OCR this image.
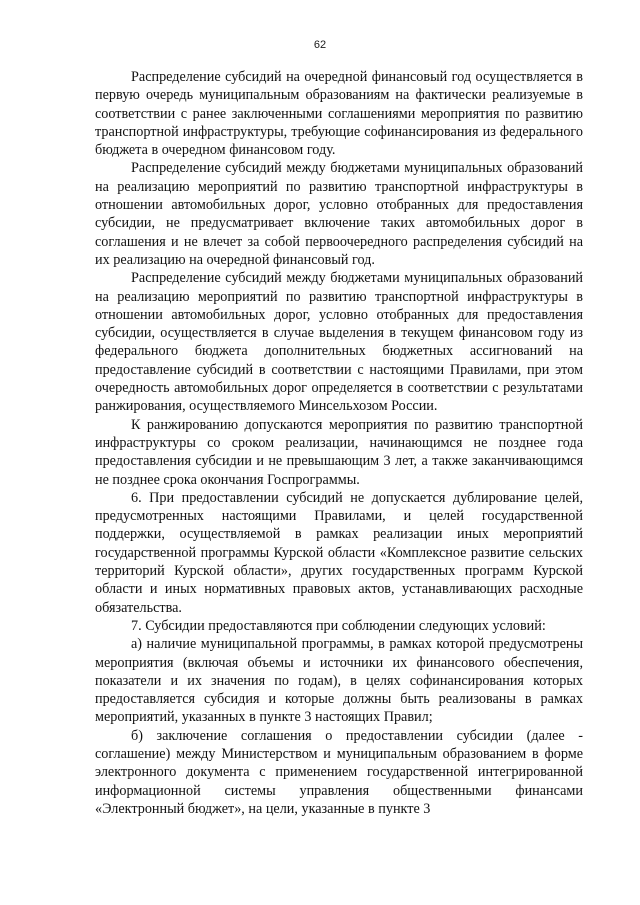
62

Распределение субсидий на очередной финансовый год осуществляется в первую очередь муниципальным образованиям на фактически реализуемые в соответствии с ранее заключенными соглашениями мероприятия по развитию транспортной инфраструктуры, требующие софинансирования из федерального бюджета в очередном финансовом году.

Распределение субсидий между бюджетами муниципальных образований на реализацию мероприятий по развитию транспортной инфраструктуры в отношении автомобильных дорог, условно отобранных для предоставления субсидии, не предусматривает включение таких автомобильных дорог в соглашения и не влечет за собой первоочередного распределения субсидий на их реализацию на очередной финансовый год.

Распределение субсидий между бюджетами муниципальных образований на реализацию мероприятий по развитию транспортной инфраструктуры в отношении автомобильных дорог, условно отобранных для предоставления субсидии, осуществляется в случае выделения в текущем финансовом году из федерального бюджета дополнительных бюджетных ассигнований на предоставление субсидий в соответствии с настоящими Правилами, при этом очередность автомобильных дорог определяется в соответствии с результатами ранжирования, осуществляемого Минсельхозом России.

К ранжированию допускаются мероприятия по развитию транспортной инфраструктуры со сроком реализации, начинающимся не позднее года предоставления субсидии и не превышающим 3 лет, а также заканчивающимся не позднее срока окончания Госпрограммы.

6. При предоставлении субсидий не допускается дублирование целей, предусмотренных настоящими Правилами, и целей государственной поддержки, осуществляемой в рамках реализации иных мероприятий государственной программы Курской области «Комплексное развитие сельских территорий Курской области», других государственных программ Курской области и иных нормативных правовых актов, устанавливающих расходные обязательства.

7. Субсидии предоставляются при соблюдении следующих условий:

а) наличие муниципальной программы, в рамках которой предусмотрены мероприятия (включая объемы и источники их финансового обеспечения, показатели и их значения по годам), в целях софинансирования которых предоставляется субсидия и которые должны быть реализованы в рамках мероприятий, указанных в пункте 3 настоящих Правил;

б) заключение соглашения о предоставлении субсидии (далее - соглашение) между Министерством и муниципальным образованием в форме электронного документа с применением государственной интегрированной информационной системы управления общественными финансами «Электронный бюджет», на цели, указанные в пункте 3
